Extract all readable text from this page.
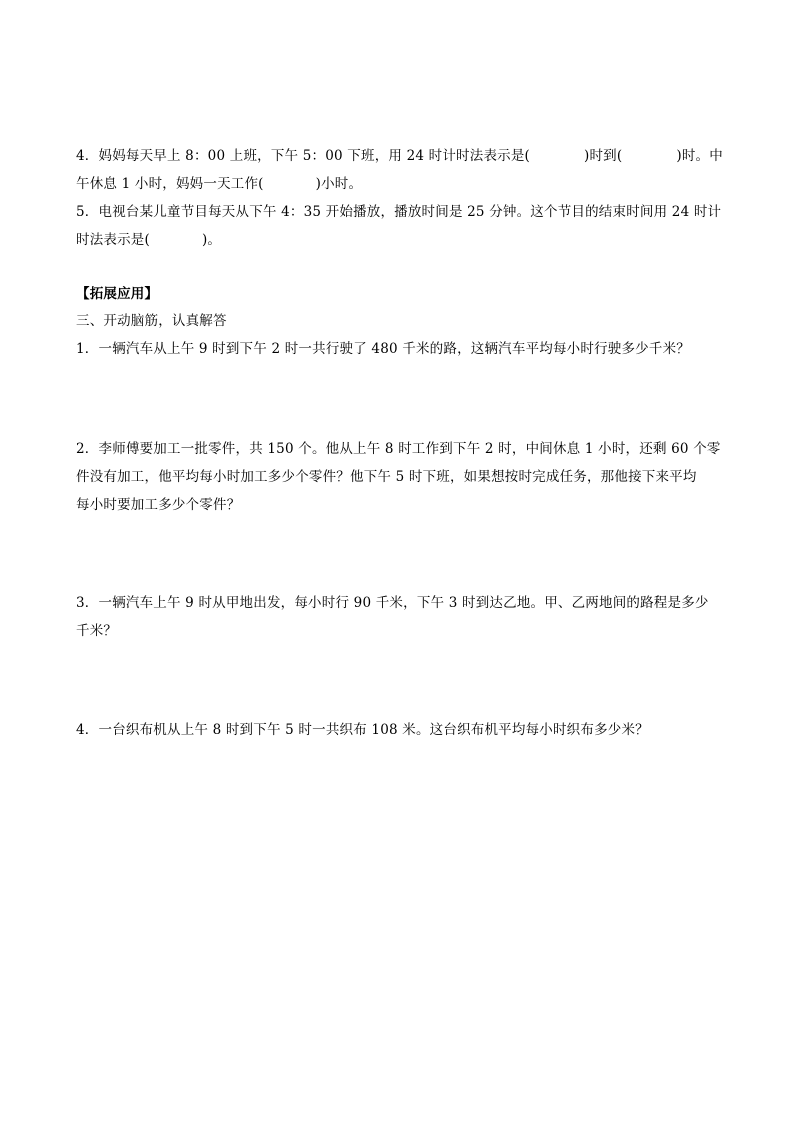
4．妈妈每天早上 8：00 上班，下午 5：00 下班，用 24 时计时法表示是(	)时到(	)时。中
午休息 1 小时，妈妈一天工作(	)小时。
5．电视台某儿童节目每天从下午 4：35 开始播放，播放时间是 25 分钟。这个节目的结束时间用 24 时计
时法表示是(	)。
【拓展应用】
三、开动脑筋，认真解答
1．一辆汽车从上午 9 时到下午 2 时一共行驶了 480 千米的路，这辆汽车平均每小时行驶多少千米？
2．李师傅要加工一批零件，共 150 个。他从上午 8 时工作到下午 2 时，中间休息 1 小时，还剩 60 个零
件没有加工，他平均每小时加工多少个零件？他下午 5 时下班，如果想按时完成任务，那他接下来平均
每小时要加工多少个零件？
3．一辆汽车上午 9 时从甲地出发，每小时行 90 千米，下午 3 时到达乙地。甲、乙两地间的路程是多少
千米？
4．一台织布机从上午 8 时到下午 5 时一共织布 108 米。这台织布机平均每小时织布多少米？
